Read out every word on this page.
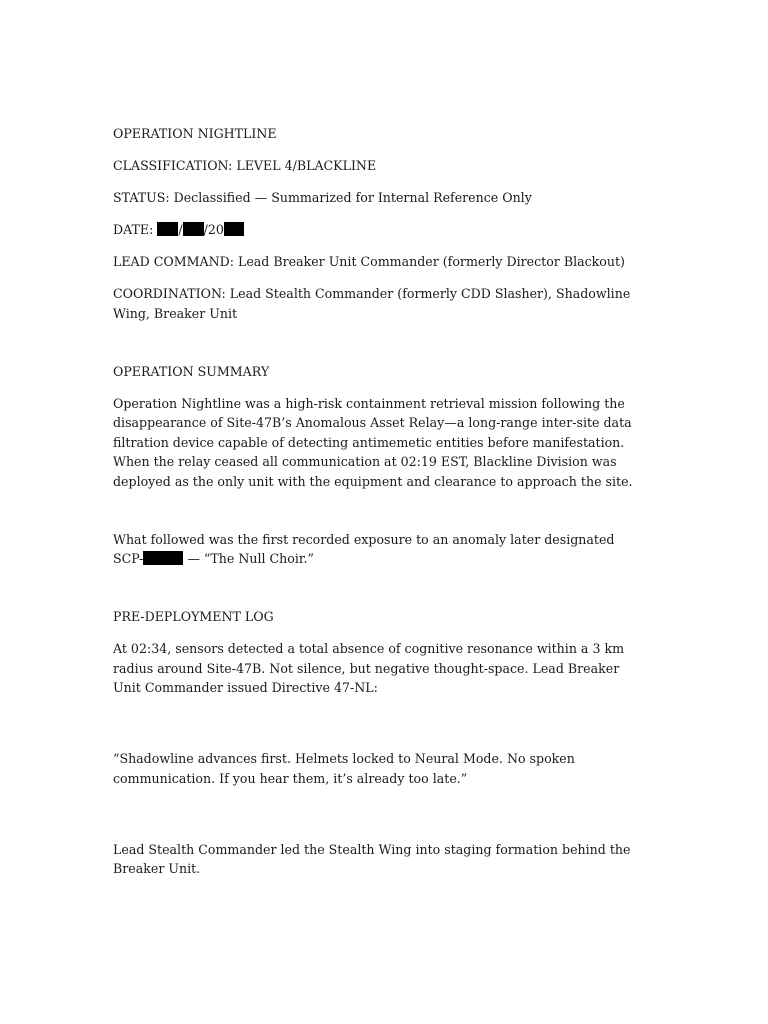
OPERATION NIGHTLINE

CLASSIFICATION: LEVEL 4/BLACKLINE

STATUS: Declassified — Summarized for Internal Reference Only

DATE: / /20

LEAD COMMAND: Lead Breaker Unit Commander (formerly Director Blackout)

COORDINATION: Lead Stealth Commander (formerly CDD Slasher), Shadowline Wing, Breaker Unit

OPERATION SUMMARY

Operation Nightline was a high-risk containment retrieval mission following the disappearance of Site-47B’s Anomalous Asset Relay—a long-range inter-site data filtration device capable of detecting antimemetic entities before manifestation. When the relay ceased all communication at 02:19 EST, Blackline Division was deployed as the only unit with the equipment and clearance to approach the site.

What followed was the first recorded exposure to an anomaly later designated SCP-	— “The Null Choir.”

PRE-DEPLOYMENT LOG

At 02:34, sensors detected a total absence of cognitive resonance within a 3 km radius around Site-47B. Not silence, but negative thought-space. Lead Breaker Unit Commander issued Directive 47-NL:

“Shadowline advances first. Helmets locked to Neural Mode. No spoken communication. If you hear them, it’s already too late.”

Lead Stealth Commander led the Stealth Wing into staging formation behind the Breaker Unit.
